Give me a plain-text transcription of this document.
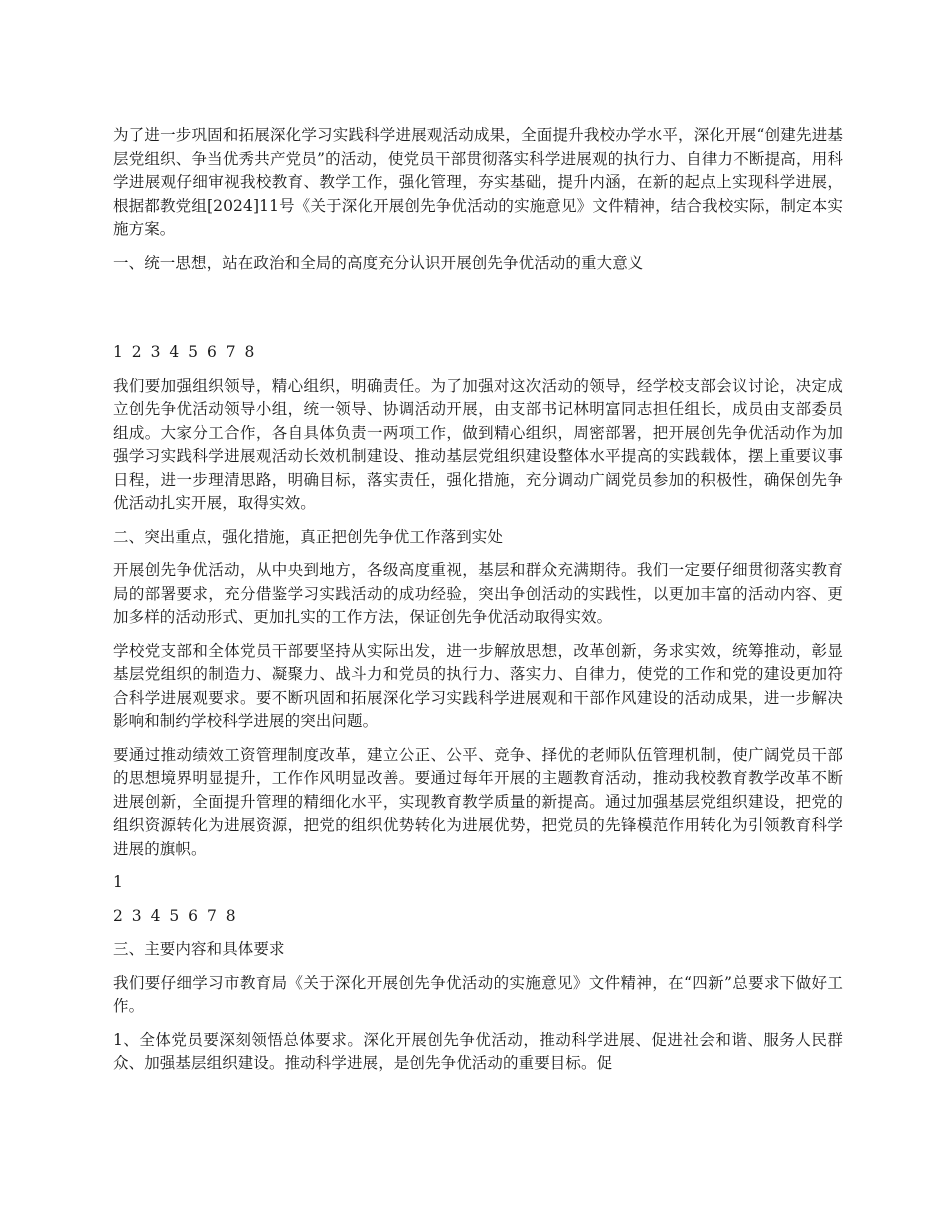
为了进一步巩固和拓展深化学习实践科学进展观活动成果，全面提升我校办学水平，深化开展“创建先进基层党组织、争当优秀共产党员”的活动，使党员干部贯彻落实科学进展观的执行力、自律力不断提高，用科学进展观仔细审视我校教育、教学工作，强化管理，夯实基础，提升内涵，在新的起点上实现科学进展，根据都教党组[2024]11号《关于深化开展创先争优活动的实施意见》文件精神，结合我校实际，制定本实施方案。

一、统一思想，站在政治和全局的高度充分认识开展创先争优活动的重大意义

1 2 3 4 5 6 7 8

我们要加强组织领导，精心组织，明确责任。为了加强对这次活动的领导，经学校支部会议讨论，决定成立创先争优活动领导小组，统一领导、协调活动开展，由支部书记林明富同志担任组长，成员由支部委员组成。大家分工合作，各自具体负责一两项工作，做到精心组织，周密部署，把开展创先争优活动作为加强学习实践科学进展观活动长效机制建设、推动基层党组织建设整体水平提高的实践载体，摆上重要议事日程，进一步理清思路，明确目标，落实责任，强化措施，充分调动广阔党员参加的积极性，确保创先争优活动扎实开展，取得实效。

二、突出重点，强化措施，真正把创先争优工作落到实处

开展创先争优活动，从中央到地方，各级高度重视，基层和群众充满期待。我们一定要仔细贯彻落实教育局的部署要求，充分借鉴学习实践活动的成功经验，突出争创活动的实践性，以更加丰富的活动内容、更加多样的活动形式、更加扎实的工作方法，保证创先争优活动取得实效。

学校党支部和全体党员干部要坚持从实际出发，进一步解放思想，改革创新，务求实效，统筹推动，彰显基层党组织的制造力、凝聚力、战斗力和党员的执行力、落实力、自律力，使党的工作和党的建设更加符合科学进展观要求。要不断巩固和拓展深化学习实践科学进展观和干部作风建设的活动成果，进一步解决影响和制约学校科学进展的突出问题。

要通过推动绩效工资管理制度改革，建立公正、公平、竞争、择优的老师队伍管理机制，使广阔党员干部的思想境界明显提升，工作作风明显改善。要通过每年开展的主题教育活动，推动我校教育教学改革不断进展创新，全面提升管理的精细化水平，实现教育教学质量的新提高。通过加强基层党组织建设，把党的组织资源转化为进展资源，把党的组织优势转化为进展优势，把党员的先锋模范作用转化为引领教育科学进展的旗帜。

1

2 3 4 5 6 7 8

三、主要内容和具体要求

我们要仔细学习市教育局《关于深化开展创先争优活动的实施意见》文件精神，在“四新”总要求下做好工作。

1、全体党员要深刻领悟总体要求。深化开展创先争优活动，推动科学进展、促进社会和谐、服务人民群众、加强基层组织建设。推动科学进展，是创先争优活动的重要目标。促
